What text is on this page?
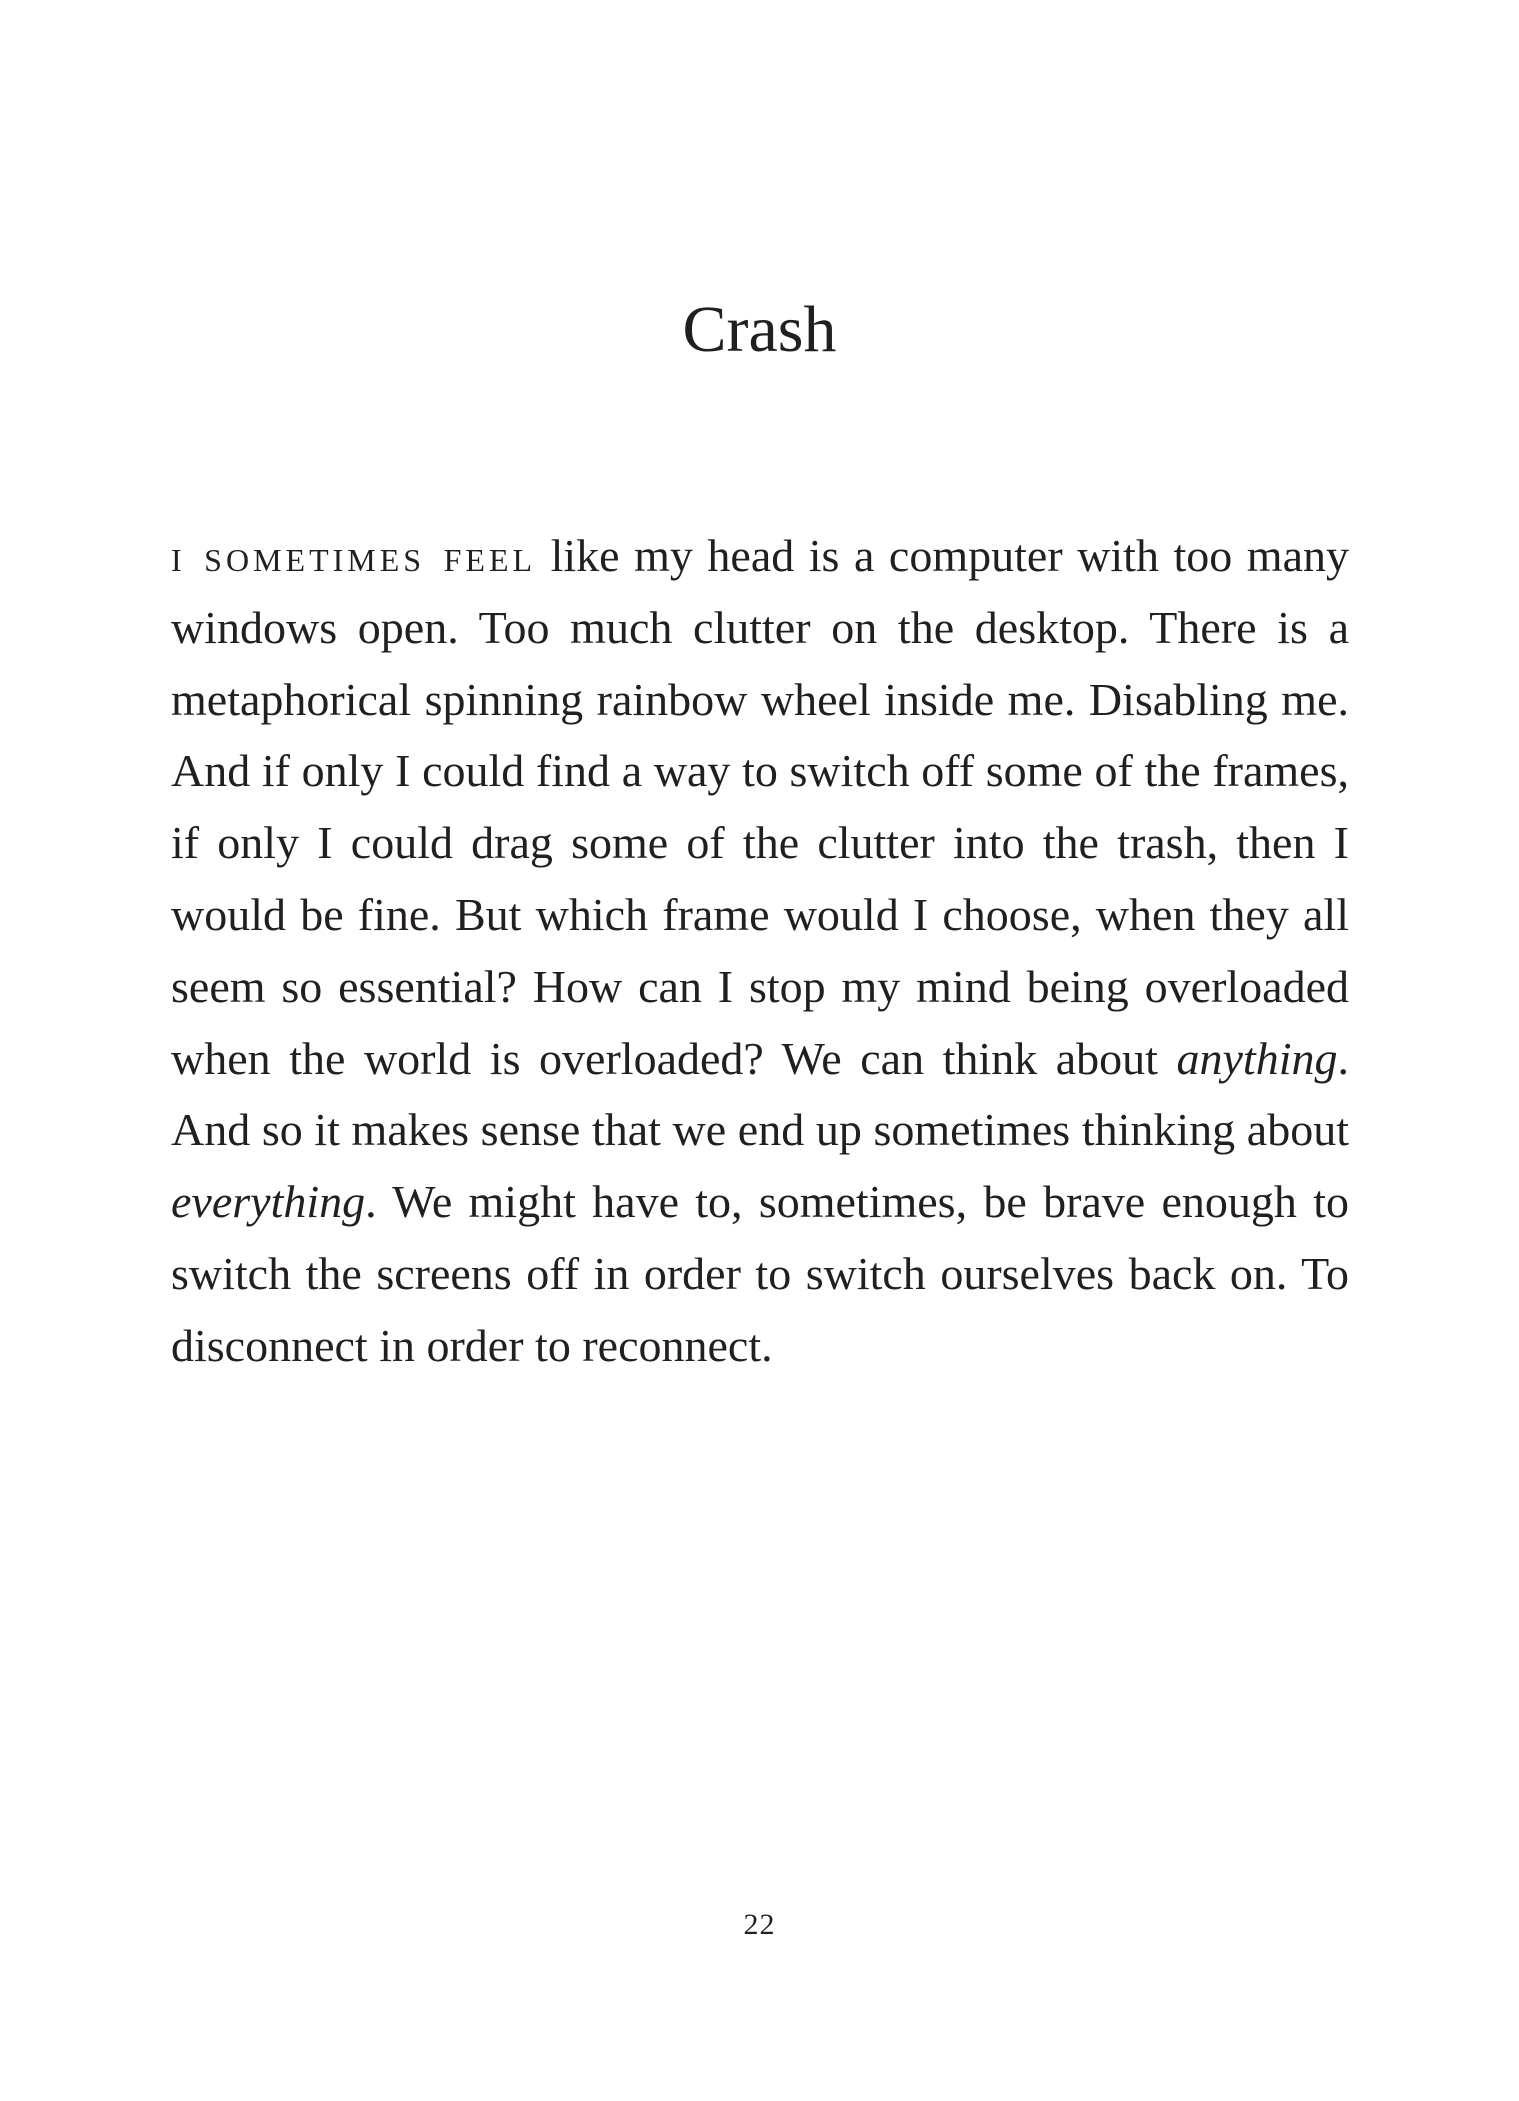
Crash

i sometimes feel like my head is a computer with too many windows open. Too much clutter on the desktop. There is a metaphorical spinning rainbow wheel inside me. Disabling me. And if only I could find a way to switch off some of the frames, if only I could drag some of the clutter into the trash, then I would be fine. But which frame would I choose, when they all seem so essential? How can I stop my mind being overloaded when the world is overloaded? We can think about anything. And so it makes sense that we end up sometimes thinking about everything. We might have to, sometimes, be brave enough to switch the screens off in order to switch ourselves back on. To disconnect in order to reconnect.

22
